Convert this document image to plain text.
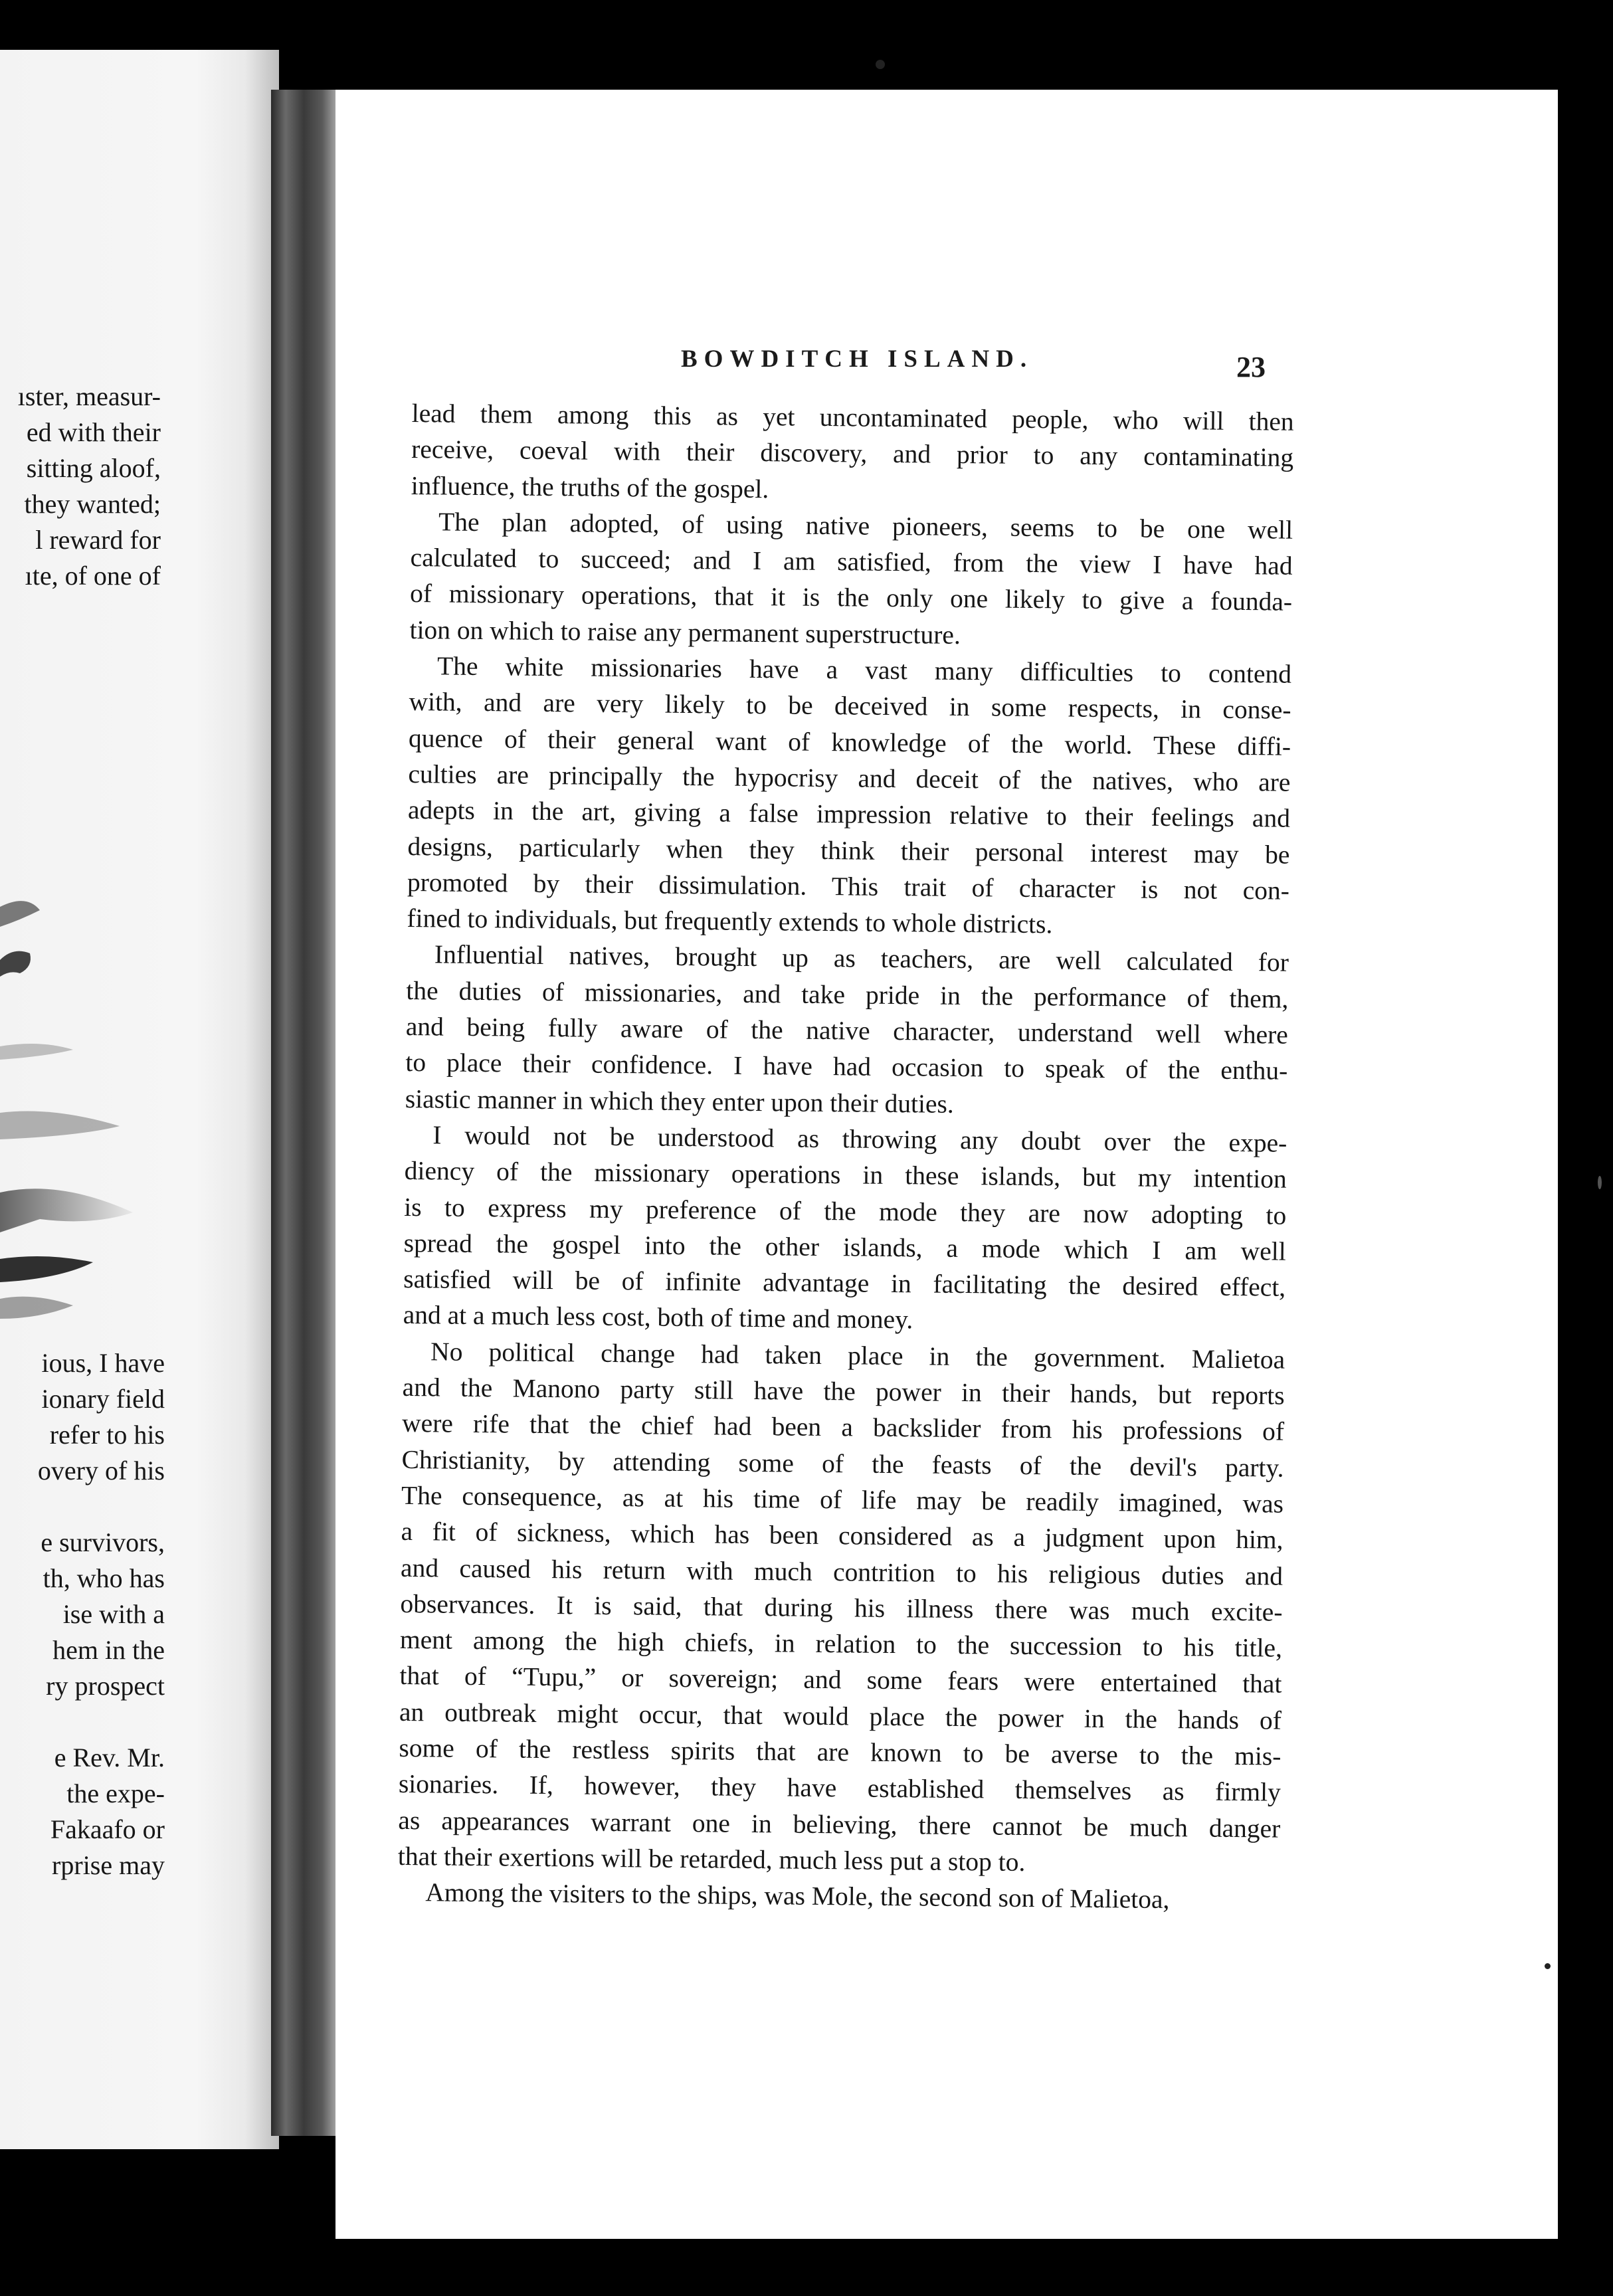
ıster, measur-
ed with their
sitting aloof,
they wanted;
l reward for
ıte, of one of
ious, I have
ionary field
refer to his
overy of his
e survivors,
th, who has
ise with a
hem in the
ry prospect
e Rev. Mr.
the expe-
Fakaafo or
rprise may
BOWDITCH ISLAND.	23
lead them among this as yet uncontaminated people, who will then
receive, coeval with their discovery, and prior to any contaminating
influence, the truths of the gospel.
The plan adopted, of using native pioneers, seems to be one well
calculated to succeed; and I am satisfied, from the view I have had
of missionary operations, that it is the only one likely to give a founda-
tion on which to raise any permanent superstructure.
The white missionaries have a vast many difficulties to contend
with, and are very likely to be deceived in some respects, in conse-
quence of their general want of knowledge of the world. These diffi-
culties are principally the hypocrisy and deceit of the natives, who are
adepts in the art, giving a false impression relative to their feelings and
designs, particularly when they think their personal interest may be
promoted by their dissimulation. This trait of character is not con-
fined to individuals, but frequently extends to whole districts.
Influential natives, brought up as teachers, are well calculated for
the duties of missionaries, and take pride in the performance of them,
and being fully aware of the native character, understand well where
to place their confidence. I have had occasion to speak of the enthu-
siastic manner in which they enter upon their duties.
I would not be understood as throwing any doubt over the expe-
diency of the missionary operations in these islands, but my intention
is to express my preference of the mode they are now adopting to
spread the gospel into the other islands, a mode which I am well
satisfied will be of infinite advantage in facilitating the desired effect,
and at a much less cost, both of time and money.
No political change had taken place in the government. Malietoa
and the Manono party still have the power in their hands, but reports
were rife that the chief had been a backslider from his professions of
Christianity, by attending some of the feasts of the devil's party.
The consequence, as at his time of life may be readily imagined, was
a fit of sickness, which has been considered as a judgment upon him,
and caused his return with much contrition to his religious duties and
observances. It is said, that during his illness there was much excite-
ment among the high chiefs, in relation to the succession to his title,
that of “Tupu,” or sovereign; and some fears were entertained that
an outbreak might occur, that would place the power in the hands of
some of the restless spirits that are known to be averse to the mis-
sionaries. If, however, they have established themselves as firmly
as appearances warrant one in believing, there cannot be much danger
that their exertions will be retarded, much less put a stop to.
Among the visiters to the ships, was Mole, the second son of Malietoa,
